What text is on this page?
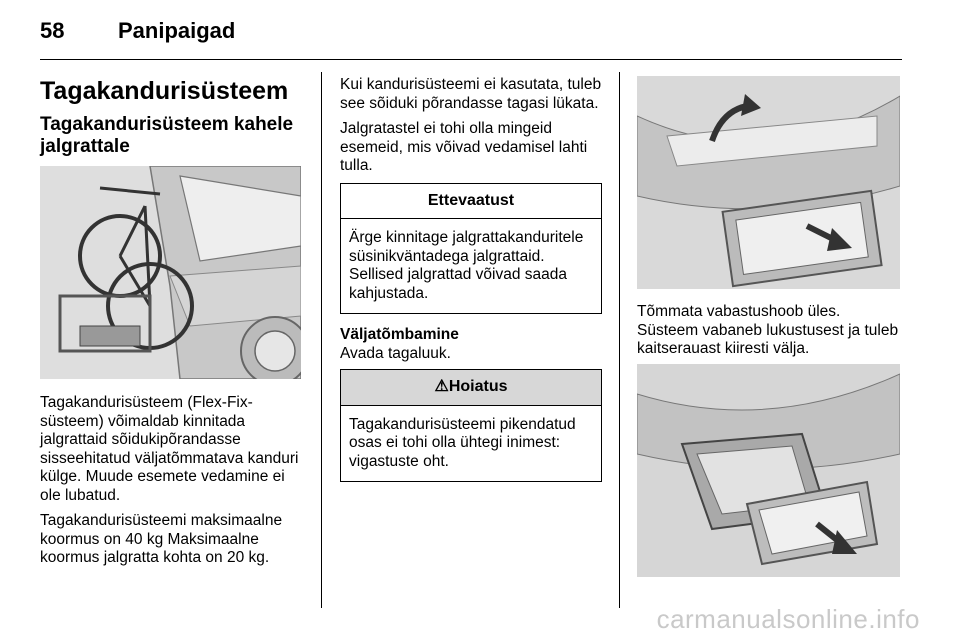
58 Panipaigad
Tagakandurisüsteem
Tagakandurisüsteem kahele jalgrattale

Tagakandurisüsteem (Flex-Fix-süsteem) võimaldab kinnitada jalgrattaid sõidukipõrandasse sisseehitatud väljatõmmatava kanduri külge. Muude esemete vedamine ei ole lubatud.

Tagakandurisüsteemi maksimaalne koormus on 40 kg Maksimaalne koormus jalgratta kohta on 20 kg.

Kui kandurisüsteemi ei kasutata, tuleb see sõiduki põrandasse tagasi lükata.

Jalgratastel ei tohi olla mingeid esemeid, mis võivad vedamisel lahti tulla.

Ettevaatust
Ärge kinnitage jalgrattakanduritele süsinikväntadega jalgrattaid. Sellised jalgrattad võivad saada kahjustada.
Väljatõmbamine
Avada tagaluuk.
⚠Hoiatus
Tagakandurisüsteemi pikendatud osas ei tohi olla ühtegi inimest: vigastuste oht.

Tõmmata vabastushoob üles. Süsteem vabaneb lukustusest ja tuleb kaitserauast kiiresti välja.

carmanualsonline.info
